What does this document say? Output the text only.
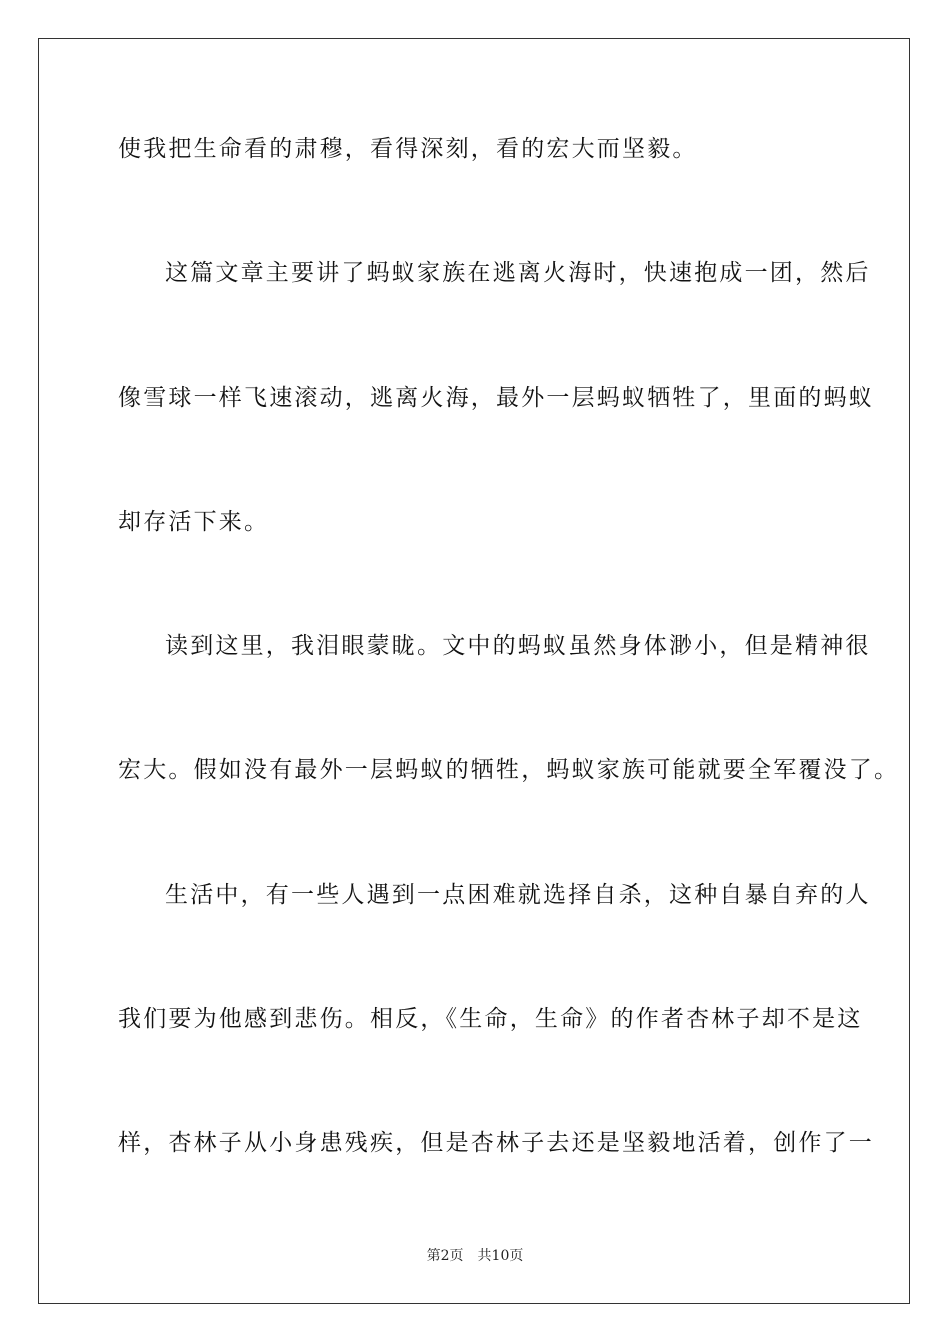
使我把生命看的肃穆，看得深刻，看的宏大而坚毅。
这篇文章主要讲了蚂蚁家族在逃离火海时，快速抱成一团，然后
像雪球一样飞速滚动，逃离火海，最外一层蚂蚁牺牲了，里面的蚂蚁
却存活下来。
读到这里，我泪眼蒙眬。文中的蚂蚁虽然身体渺小，但是精神很
宏大。假如没有最外一层蚂蚁的牺牲，蚂蚁家族可能就要全军覆没了。
生活中，有一些人遇到一点困难就选择自杀，这种自暴自弃的人
我们要为他感到悲伤。相反，《生命，生命》的作者杏林子却不是这
样，杏林子从小身患残疾，但是杏林子去还是坚毅地活着，创作了一
第2页 共10页
